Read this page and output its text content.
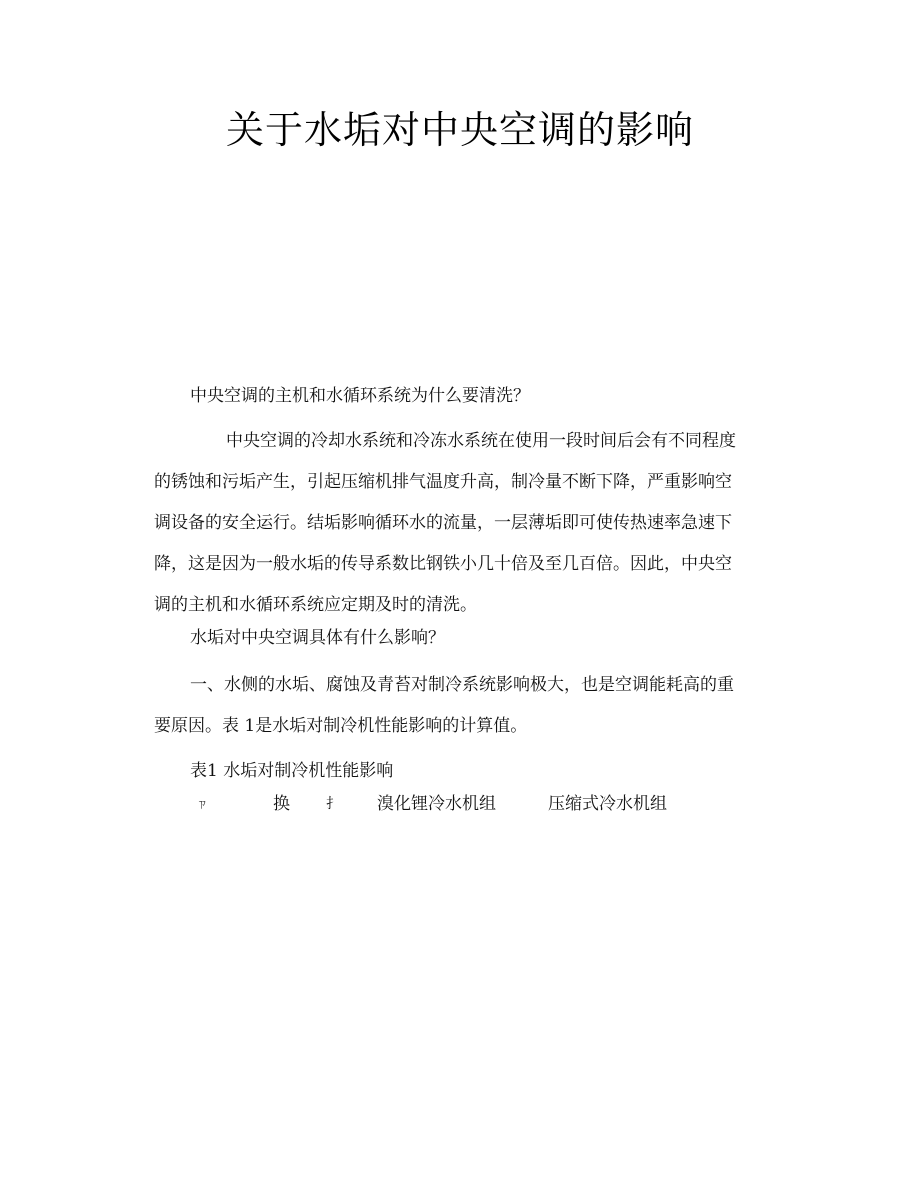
关于水垢对中央空调的影响
中央空调的主机和水循环系统为什么要清洗？
中央空调的冷却水系统和冷冻水系统在使用一段时间后会有不同程度
的锈蚀和污垢产生，引起压缩机排气温度升高，制冷量不断下降，严重影响空
调设备的安全运行。结垢影响循环水的流量，一层薄垢即可使传热速率急速下
降，这是因为一般水垢的传导系数比钢铁小几十倍及至几百倍。因此，中央空
调的主机和水循环系统应定期及时的清洗。
水垢对中央空调具体有什么影响？
一、水侧的水垢、腐蚀及青苔对制冷系统影响极大，也是空调能耗高的重
要原因。表 1是水垢对制冷机性能影响的计算值。
表1 水垢对制冷机性能影响
ㄗ	换	扌 溴化锂冷水机组	压缩式冷水机组
